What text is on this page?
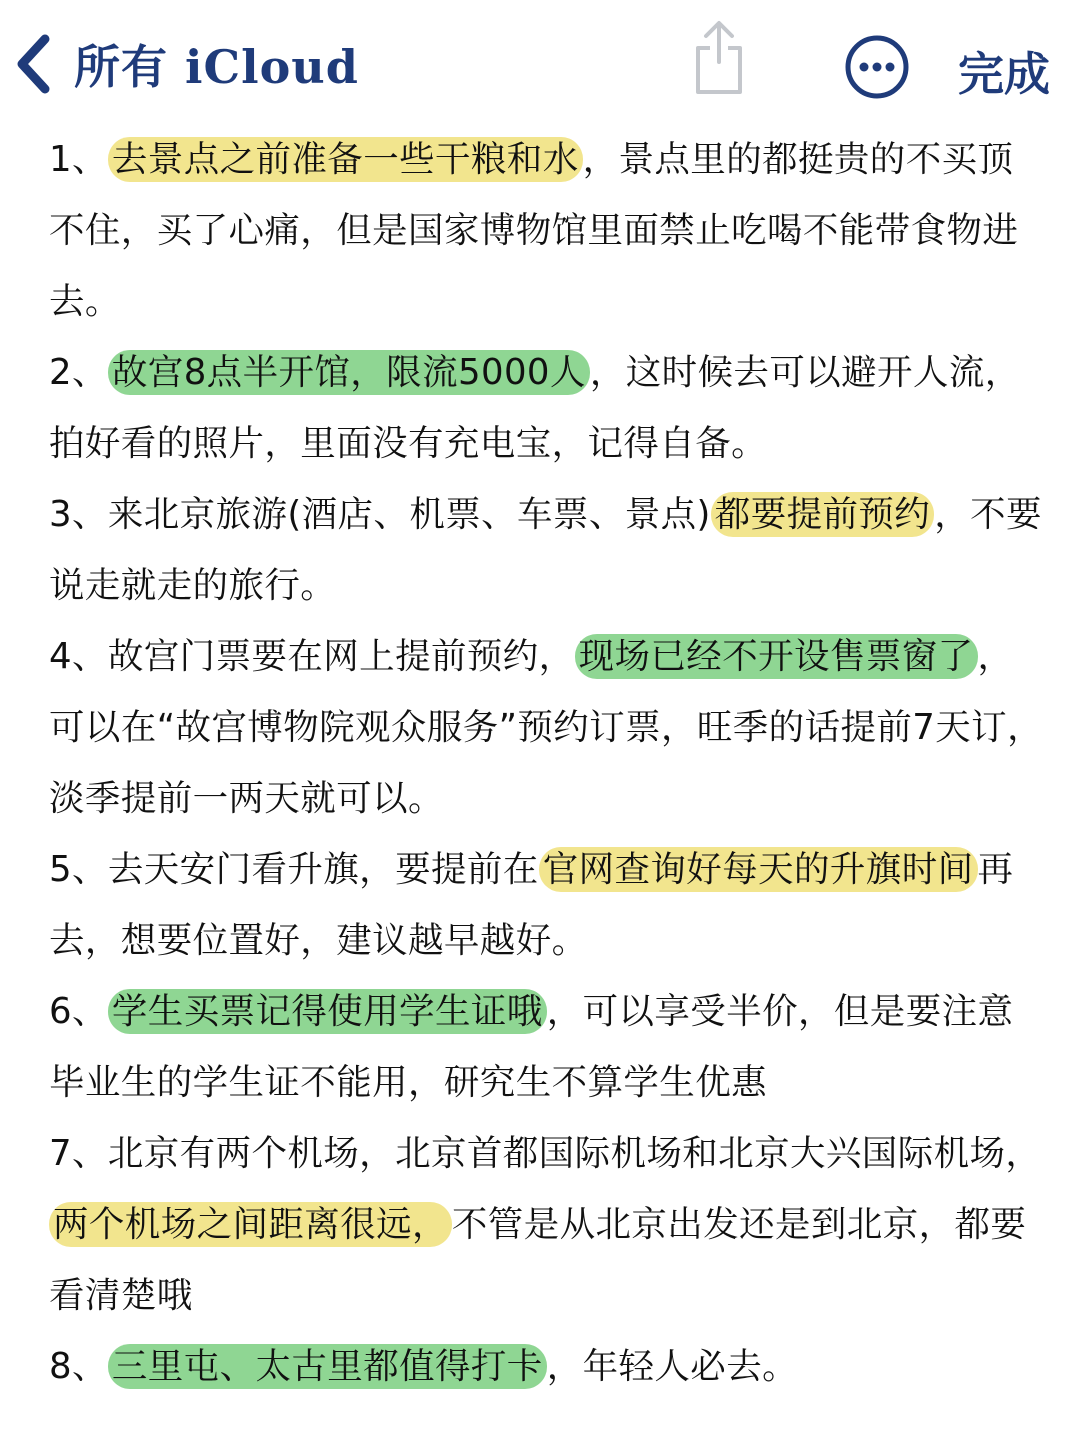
所有 iCloud	完成

1、 去景点之前准备一些干粮和水 ，景点里的都挺贵的不买顶不住，买了心痛，但是国家博物馆里面禁止吃喝不能带食物进去。

2、 故宫8点半开馆，限流5000人 ，这时候去可以避开人流，拍好看的照片，里面没有充电宝，记得自备。

3、来北京旅游(酒店、机票、车票、景点) 都要提前预约 ，不要说走就走的旅行。

4、故宫门票要在网上提前预约， 现场已经不开设售票窗了 ，可以在“故宫博物院观众服务”预约订票，旺季的话提前7天订，淡季提前一两天就可以。

5、去天安门看升旗，要提前在 官网查询好每天的升旗时间 再去，想要位置好，建议越早越好。

6、 学生买票记得使用学生证哦 ，可以享受半价，但是要注意毕业生的学生证不能用，研究生不算学生优惠

7、北京有两个机场，北京首都国际机场和北京大兴国际机场，两个机场之间距离很远， 不管是从北京出发还是到北京，都要看清楚哦

8、 三里屯、太古里都值得打卡 ，年轻人必去。
